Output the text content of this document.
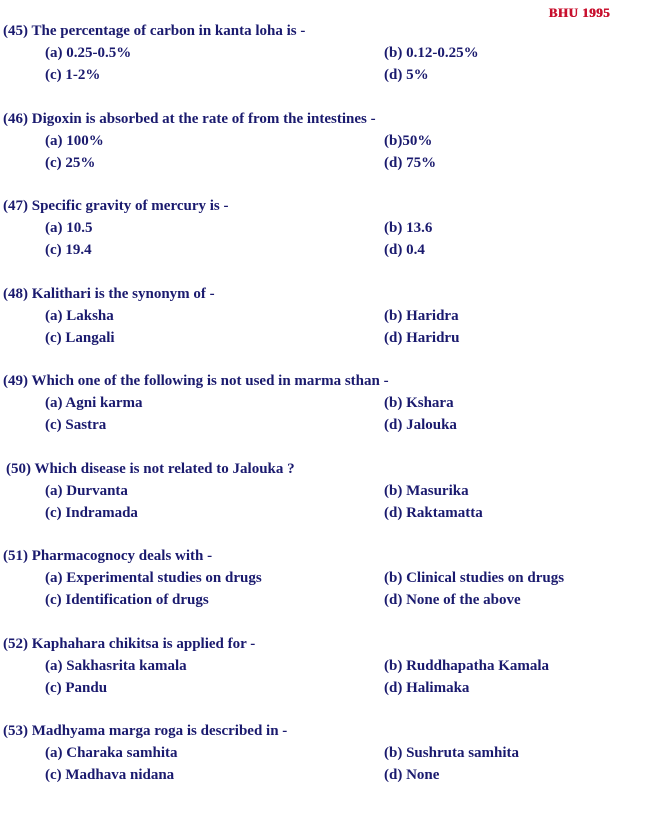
BHU 1995
(45) The percentage of carbon in kanta loha is -
(a) 0.25-0.5%	(b) 0.12-0.25%
(c) 1-2%	(d) 5%
(46) Digoxin is absorbed at the rate of from the intestines -
(a) 100%	(b)50%
(c) 25%	(d) 75%
(47) Specific gravity of mercury is -
(a) 10.5	(b) 13.6
(c) 19.4	(d) 0.4
(48) Kalithari is the synonym of -
(a) Laksha	(b) Haridra
(c) Langali	(d) Haridru
(49) Which one of the following is not used in marma sthan -
(a) Agni karma	(b) Kshara
(c) Sastra	(d) Jalouka
(50) Which disease is not related to Jalouka ?
(a) Durvanta	(b) Masurika
(c) Indramada	(d) Raktamatta
(51) Pharmacognocy deals with -
(a) Experimental studies on drugs	(b) Clinical studies on drugs
(c) Identification of drugs	(d) None of the above
(52) Kaphahara chikitsa is applied for -
(a) Sakhasrita kamala	(b) Ruddhapatha Kamala
(c) Pandu	(d) Halimaka
(53) Madhyama marga roga is described in -
(a) Charaka samhita	(b) Sushruta samhita
(c) Madhava nidana	(d) None
